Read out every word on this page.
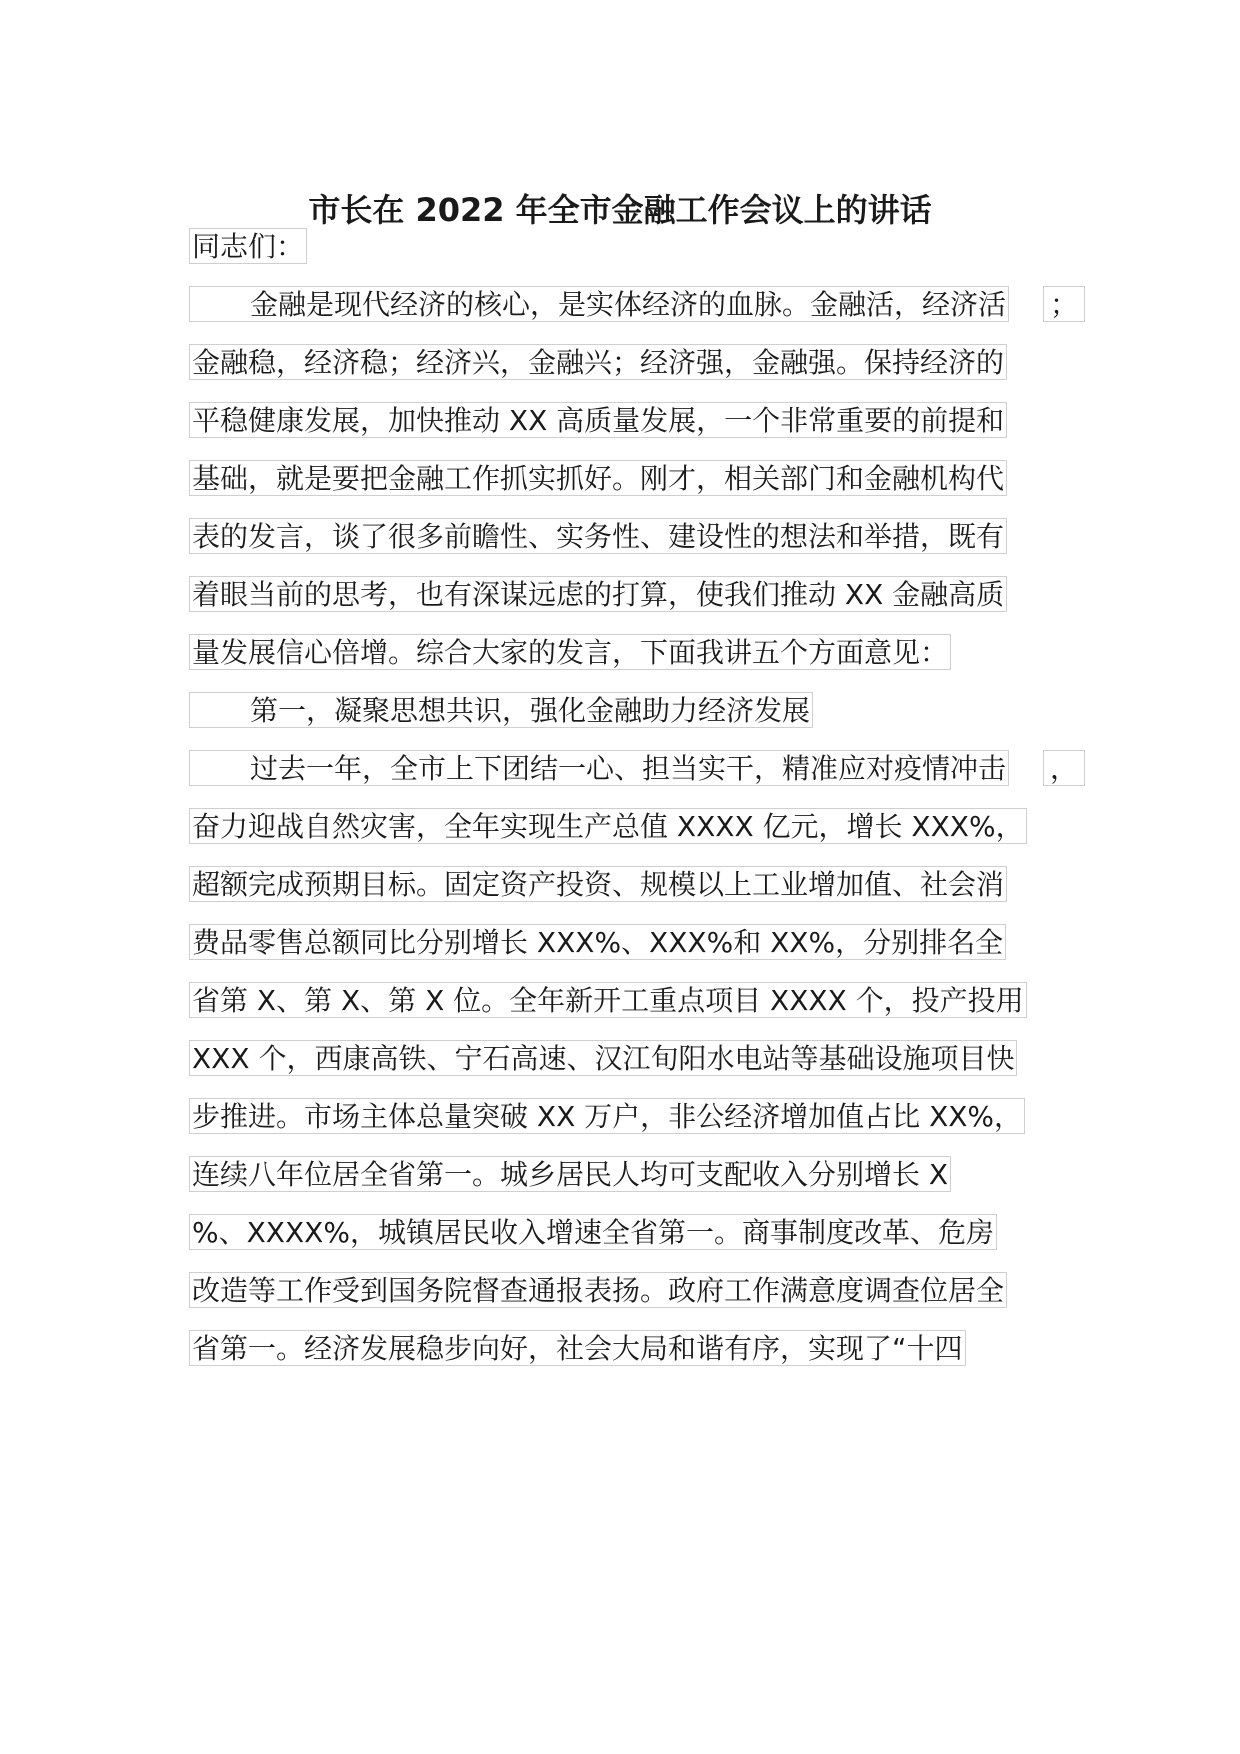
市长在 2022 年全市金融工作会议上的讲话
同志们：
金融是现代经济的核心，是实体经济的血脉。金融活，经济活 ；
金融稳，经济稳；经济兴，金融兴；经济强，金融强。保持经济的
平稳健康发展，加快推动 XX 高质量发展，一个非常重要的前提和
基础，就是要把金融工作抓实抓好。刚才，相关部门和金融机构代
表的发言，谈了很多前瞻性、实务性、建设性的想法和举措，既有
着眼当前的思考，也有深谋远虑的打算，使我们推动 XX 金融高质
量发展信心倍增。综合大家的发言，下面我讲五个方面意见：
第一，凝聚思想共识，强化金融助力经济发展
过去一年，全市上下团结一心、担当实干，精准应对疫情冲击 ，
奋力迎战自然灾害，全年实现生产总值 XXXX 亿元，增长 XXX%，
超额完成预期目标。固定资产投资、规模以上工业增加值、社会消
费品零售总额同比分别增长 XXX%、XXX%和 XX%，分别排名全
省第 X、第 X、第 X 位。全年新开工重点项目 XXXX 个，投产投用
XXX 个，西康高铁、宁石高速、汉江旬阳水电站等基础设施项目快
步推进。市场主体总量突破 XX 万户，非公经济增加值占比 XX%，
连续八年位居全省第一。城乡居民人均可支配收入分别增长 X
%、XXXX%，城镇居民收入增速全省第一。商事制度改革、危房
改造等工作受到国务院督查通报表扬。政府工作满意度调查位居全
省第一。经济发展稳步向好，社会大局和谐有序，实现了“十四
